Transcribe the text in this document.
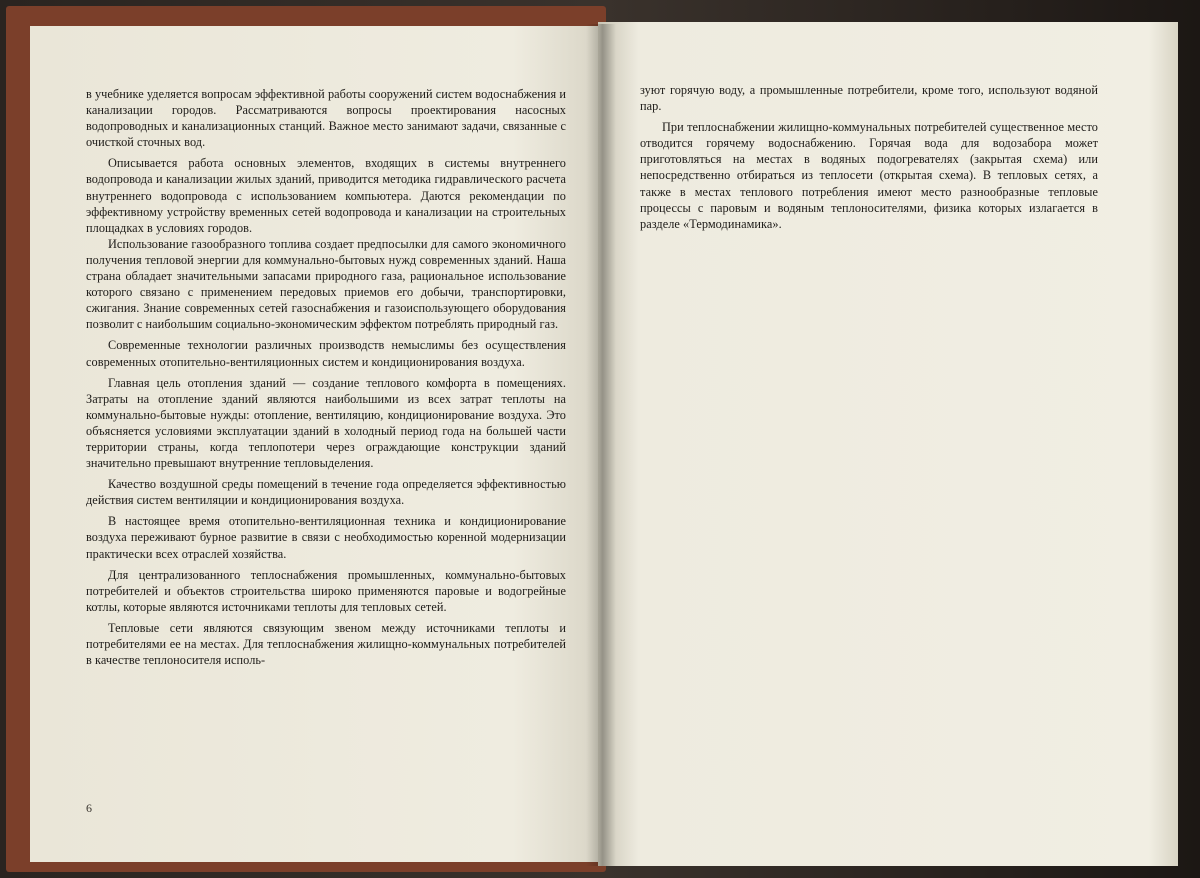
в учебнике уделяется вопросам эффективной работы сооружений систем водоснабжения и канализации городов. Рассматриваются вопросы проектирования насосных водопроводных и канализационных станций. Важное место занимают задачи, связанные с очисткой сточных вод.

Описывается работа основных элементов, входящих в системы внутреннего водопровода и канализации жилых зданий, приводится методика гидравлического расчета внутреннего водопровода с использованием компьютера. Даются рекомендации по эффективному устройству временных сетей водопровода и канализации на строительных площадках в условиях городов.

Использование газообразного топлива создает предпосылки для самого экономичного получения тепловой энергии для коммунально-бытовых нужд современных зданий. Наша страна обладает значительными запасами природного газа, рациональное использование которого связано с применением передовых приемов его добычи, транспортировки, сжигания. Знание современных сетей газоснабжения и газоиспользующего оборудования позволит с наибольшим социально-экономическим эффектом потреблять природный газ.

Современные технологии различных производств немыслимы без осуществления современных отопительно-вентиляционных систем и кондиционирования воздуха.

Главная цель отопления зданий — создание теплового комфорта в помещениях. Затраты на отопление зданий являются наибольшими из всех затрат теплоты на коммунально-бытовые нужды: отопление, вентиляцию, кондиционирование воздуха. Это объясняется условиями эксплуатации зданий в холодный период года на большей части территории страны, когда теплопотери через ограждающие конструкции зданий значительно превышают внутренние тепловыделения.

Качество воздушной среды помещений в течение года определяется эффективностью действия систем вентиляции и кондиционирования воздуха.

В настоящее время отопительно-вентиляционная техника и кондиционирование воздуха переживают бурное развитие в связи с необходимостью коренной модернизации практически всех отраслей хозяйства.

Для централизованного теплоснабжения промышленных, коммунально-бытовых потребителей и объектов строительства широко применяются паровые и водогрейные котлы, которые являются источниками теплоты для тепловых сетей.

Тепловые сети являются связующим звеном между источниками теплоты и потребителями ее на местах. Для теплоснабжения жилищно-коммунальных потребителей в качестве теплоносителя исполь-

6

зуют горячую воду, а промышленные потребители, кроме того, используют водяной пар.

При теплоснабжении жилищно-коммунальных потребителей существенное место отводится горячему водоснабжению. Горячая вода для водозабора может приготовляться на местах в водяных подогревателях (закрытая схема) или непосредственно отбираться из теплосети (открытая схема). В тепловых сетях, а также в местах теплового потребления имеют место разнообразные тепловые процессы с паровым и водяным теплоносителями, физика которых излагается в разделе «Термодинамика».
